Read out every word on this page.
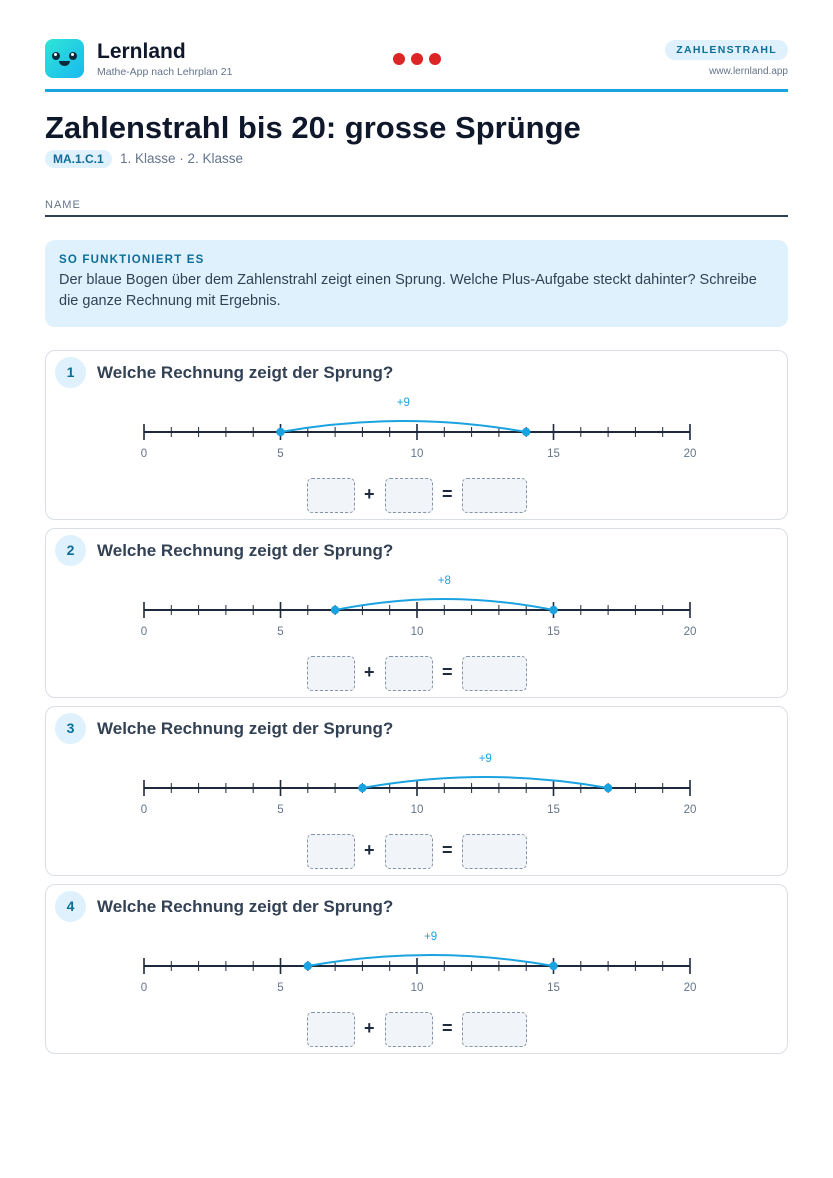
Lernland
Mathe-App nach Lehrplan 21
ZAHLENSTRAHL
www.lernland.app
Zahlenstrahl bis 20: grosse Sprünge
MA.1.C.1	1. Klasse · 2. Klasse
NAME
SO FUNKTIONIERT ES
Der blaue Bogen über dem Zahlenstrahl zeigt einen Sprung. Welche Plus-Aufgabe steckt dahinter? Schreibe die ganze Rechnung mit Ergebnis.
1	Welche Rechnung zeigt der Sprung?
0	5	10	15	20
+9
+	=
2	Welche Rechnung zeigt der Sprung?
0	5	10	15	20
+8
+	=
3	Welche Rechnung zeigt der Sprung?
0	5	10	15	20
+9
+	=
4	Welche Rechnung zeigt der Sprung?
0	5	10	15	20
+9
+	=
